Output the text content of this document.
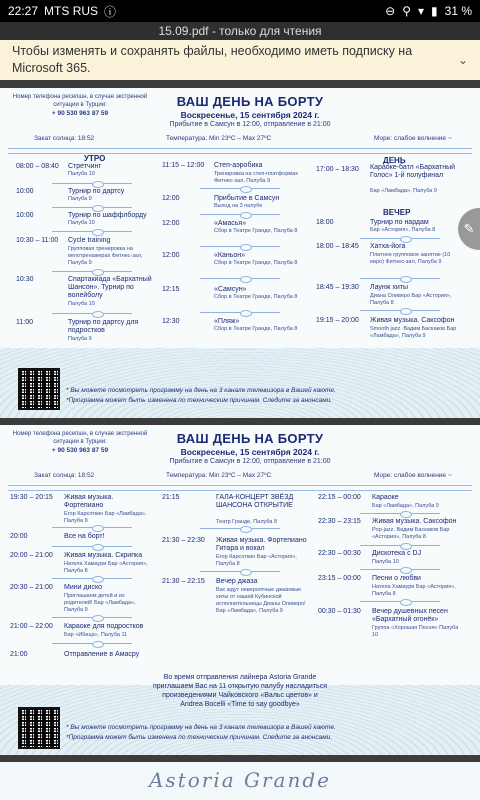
22:27 MTS RUS ⓘ	⊖ ⚲ ▾ ▮ 31 %
15.09.pdf - только для чтения
Чтобы изменять и сохранять файлы, необходимо иметь подписку на Microsoft 365.
⌄
Номер телефона ресепшн, в случае экстренной ситуации в Турции:
+ 90 530 963 87 59
ВАШ ДЕНЬ НА БОРТУ
Воскресенье, 15 сентября 2024 г.
Прибытие в Самсун в 12:00, отправление в 21:00
Закат солнца: 18:52	Температура: Min 23ºC – Max 27ºC	Море: слабое волнение ~
УТРО
08:00 – 08:40 Стретчинг
Палуба 10
10:00	Турнир по дартсу
Палуба 9
10:00	Турнир по шаффлборду
Палуба 10
10:30 – 11:00 Cycle training
Групповая тренировка на велотренажерах Фитнес-зал, Палуба 9
10:30	Спартакиада «Бархатный Шансон». Турнир по волейболу
Палуба 10
11:00	Турнир по дартсу для подростков
Палуба 9
11:15 – 12:00 Степ-аэробика
Тренировка на степ-платформах Фитнес-зал, Палуба 9
12:00	Прибытие в Самсун
Выход на 3 палубе
12:00	«Амасья»
Сбор в Театре Гранде, Палуба 8
12:00	«Каньон»
Сбор в Театре Гранде, Палуба 8
12:15	«Самсун»
Сбор в Театре Гранде, Палуба 8
12:30	«Пляж»
Сбор в Театре Гранде, Палуба 8
ДЕНЬ
17:00 – 18:30 Караоке-батл «Бархатный Голос» 1-й полуфинал
Бар «Ламбада», Палуба 9
ВЕЧЕР
18:00	Турнир по нардам
Бар «Астория», Палуба 8
18:00 – 18:45 Хатха-йога
Платное групповое занятие (10 евро) Фитнес-зал, Палуба 9
18:45 – 19:30 Лаунж хиты
Диана Оливеро Бар «Астория», Палуба 8
19:15 – 20:00 Живая музыка. Саксофон
Smooth jazz. Вадим Баскаков Бар «Ламбада», Палуба 9
* Вы можете посмотреть программу на день на 3 канале телевизора в Вашей каюте.
*Программа может быть изменена по техническим причинам. Следите за анонсами.
Номер телефона ресепшн, в случае экстренной ситуации в Турции:
+ 90 530 963 87 59
ВАШ ДЕНЬ НА БОРТУ
Воскресенье, 15 сентября 2024 г.
Прибытие в Самсун в 12:00, отправление в 21:00
Закат солнца: 18:52	Температура: Min 23ºC – Max 27ºC	Море: слабое волнение ~
19:30 – 20:15 Живая музыка. Фортепиано
Егор Карсоткин Бар «Ламбада», Палуба 9
20:00	Все на борт!
20:00 – 21:00 Живая музыка. Скрипка
Натела Хамаури Бар «Астория», Палуба 8
20:30 – 21:00 Мини диско
Приглашаем детей и их родителей! Бар «Ламбада», Палуба 9
21:00 – 22:00 Караоке для подростков
Бар «Ибица», Палуба 11
21:00	Отправление в Амасру
21:15	ГАЛА-КОНЦЕРТ ЗВЁЗД ШАНСОНА ОТКРЫТИЕ
Театр Гранде, Палуба 8
21:30 – 22:30 Живая музыка. Фортепиано Гитара и вокал
Егор Карсоткин Бар «Астория», Палуба 8
21:30 – 22:15 Вечер джаза
Вас ждут невероятные джазовые хиты от нашей Кубинской исполнительницы Дианы Оливеро! Бар «Ламбада», Палуба 9
22:15 – 00:00 Караоке
Бар «Ламбада», Палуба 9
22:30 – 23:15 Живая музыка. Саксофон
Pop-jazz. Вадим Баскаков Бар «Астория», Палуба 8
22:30 – 00:30 Дискотека с DJ
Палуба 10
23:15 – 00:00 Песни о любви
Натела Хамаури Бар «Астория», Палуба 8
00:30 – 01:30 Вечер душевных песен «Бархатный огонёк»
Группа «Хорошая Песня» Палуба 10
Во время отправления лайнера Astoria Grande приглашаем Вас на 11 открытую палубу насладиться произведениями Чайковского «Вальс цветов» и Andrea Bocelli «Time to say goodbye»
* Вы можете посмотреть программу на день на 3 канале телевизора в Вашей каюте.
*Программа может быть изменена по техническим причинам. Следите за анонсами.
Astoria Grande
✎
